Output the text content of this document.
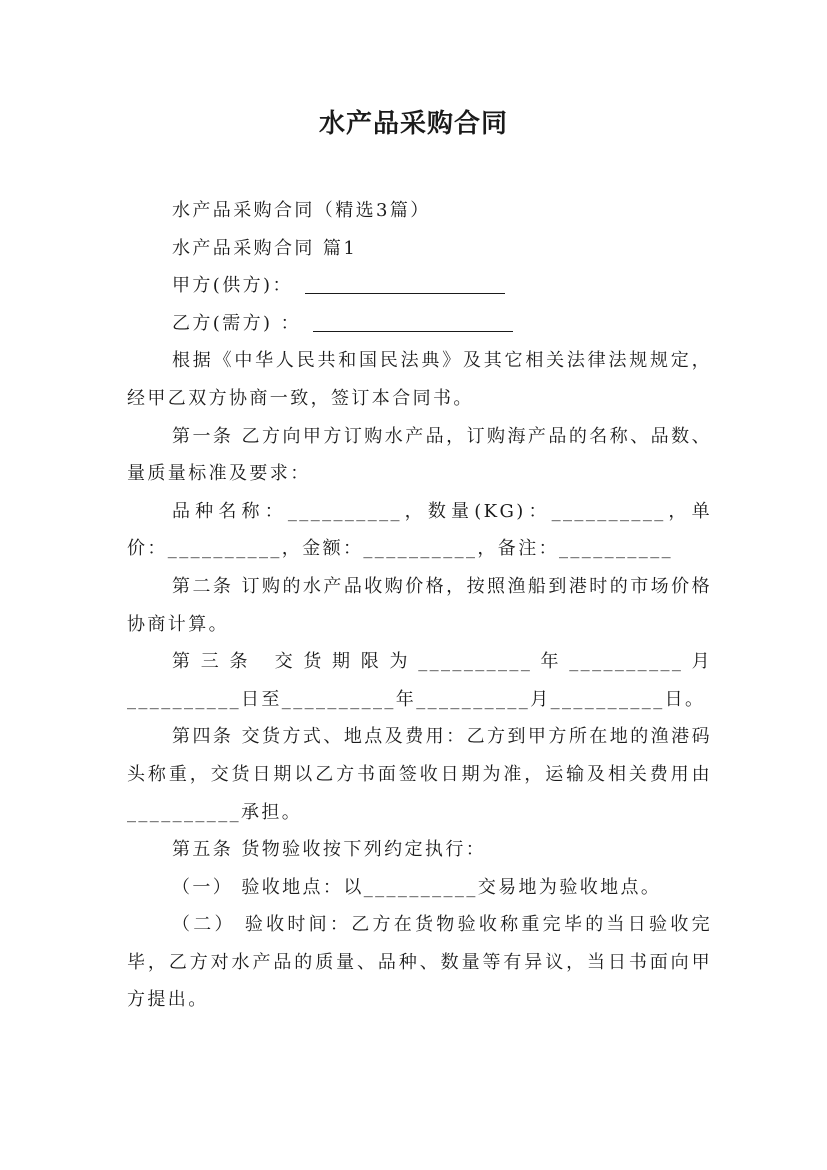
水产品采购合同

水产品采购合同（精选3篇）

水产品采购合同 篇1

甲方(供方)：

乙方(需方) ：

根据《中华人民共和国民法典》及其它相关法律法规规定，经甲乙双方协商一致，签订本合同书。

第一条 乙方向甲方订购水产品，订购海产品的名称、品数、量质量标准及要求：

品种名称：__________，数量(KG)：__________，单价：__________，金额：__________，备注：__________

第二条 订购的水产品收购价格，按照渔船到港时的市场价格协商计算。

第三条 交货期限为__________年__________月__________日至__________年__________月__________日。

第四条 交货方式、地点及费用：乙方到甲方所在地的渔港码头称重，交货日期以乙方书面签收日期为准，运输及相关费用由__________承担。

第五条 货物验收按下列约定执行：

（一） 验收地点：以__________交易地为验收地点。

（二） 验收时间：乙方在货物验收称重完毕的当日验收完毕，乙方对水产品的质量、品种、数量等有异议，当日书面向甲方提出。
